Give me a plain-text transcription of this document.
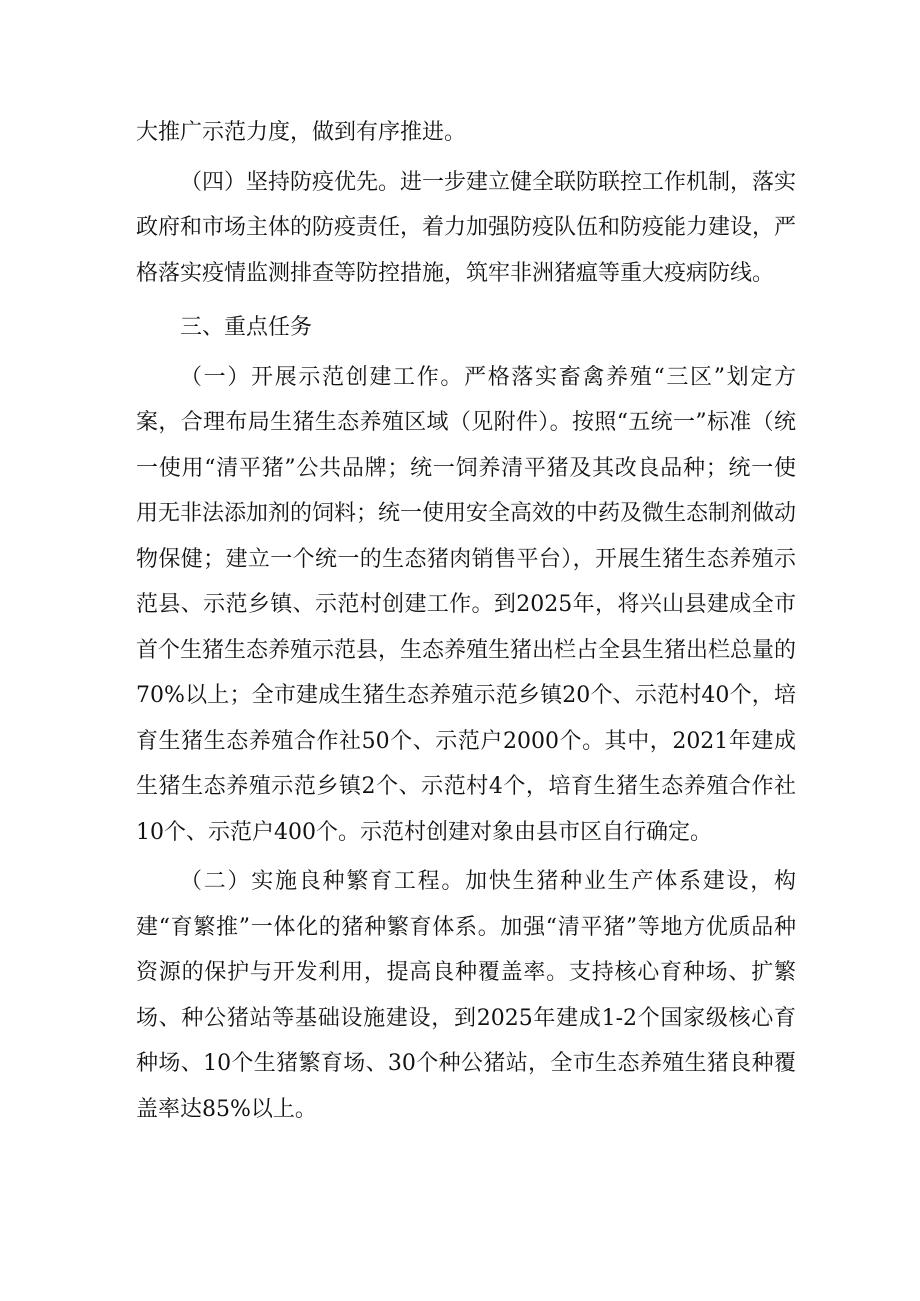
大推广示范力度，做到有序推进。

（四）坚持防疫优先。进一步建立健全联防联控工作机制，落实政府和市场主体的防疫责任，着力加强防疫队伍和防疫能力建设，严格落实疫情监测排查等防控措施，筑牢非洲猪瘟等重大疫病防线。

三、重点任务

（一）开展示范创建工作。严格落实畜禽养殖“三区”划定方案，合理布局生猪生态养殖区域（见附件）。按照“五统一”标准（统一使用“清平猪”公共品牌；统一饲养清平猪及其改良品种；统一使用无非法添加剂的饲料；统一使用安全高效的中药及微生态制剂做动物保健；建立一个统一的生态猪肉销售平台），开展生猪生态养殖示范县、示范乡镇、示范村创建工作。到2025年，将兴山县建成全市首个生猪生态养殖示范县，生态养殖生猪出栏占全县生猪出栏总量的70%以上；全市建成生猪生态养殖示范乡镇20个、示范村40个，培育生猪生态养殖合作社50个、示范户2000个。其中，2021年建成生猪生态养殖示范乡镇2个、示范村4个，培育生猪生态养殖合作社10个、示范户400个。示范村创建对象由县市区自行确定。

（二）实施良种繁育工程。加快生猪种业生产体系建设，构建“育繁推”一体化的猪种繁育体系。加强“清平猪”等地方优质品种资源的保护与开发利用，提高良种覆盖率。支持核心育种场、扩繁场、种公猪站等基础设施建设，到2025年建成1-2个国家级核心育种场、10个生猪繁育场、30个种公猪站，全市生态养殖生猪良种覆盖率达85%以上。
